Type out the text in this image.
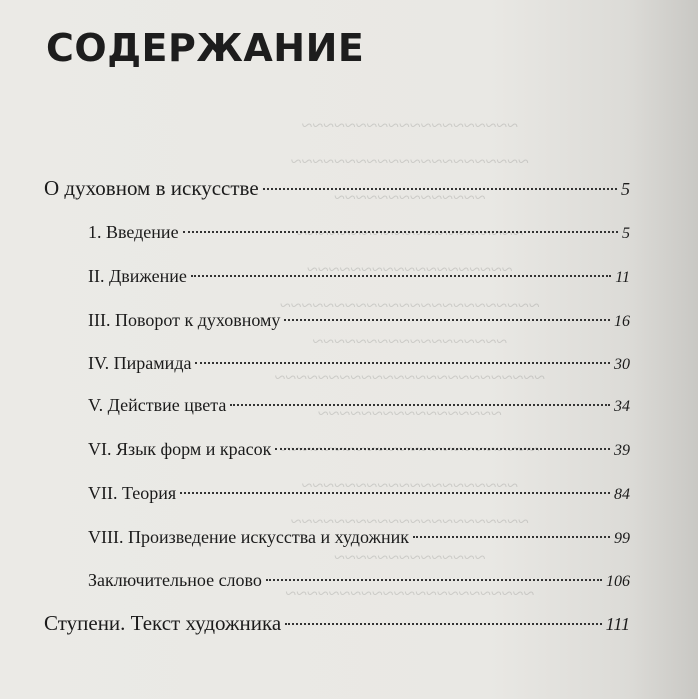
~~~~~~~~~~~~~~~~~~~~
~~~~~~~~~~~~~~~~~~~~~~
~~~~~~~~~~~~~~
~~~~~~~~~~~~~~~~~~~~~
~~~~~~~~~~~~~~~~~~~
~~~~~~~~~~~~~~~~~~~~~~~~
~~~~~~~~~~~~~~~~~~
~~~~~~~~~~~~~~~~~~~~~~~~~
~~~~~~~~~~~~~~~~~
~~~~~~~~~~~~~~~~~~~~~~~~
~~~~~~~~~~~~~~~~~~~~
~~~~~~~~~~~~~~~~~~~~~~
~~~~~~~~~~~~~~
~~~~~~~~~~~~~~~~~~~~~~~
СОДЕРЖАНИЕ
О духовном в искусстве	5
1. Введение	5
II. Движение	11
III. Поворот к духовному	16
IV. Пирамида	30
V. Действие цвета	34
VI. Язык форм и красок	39
VII. Теория	84
VIII. Произведение искусства и художник	99
Заключительное слово	106
Ступени. Текст художника	111
